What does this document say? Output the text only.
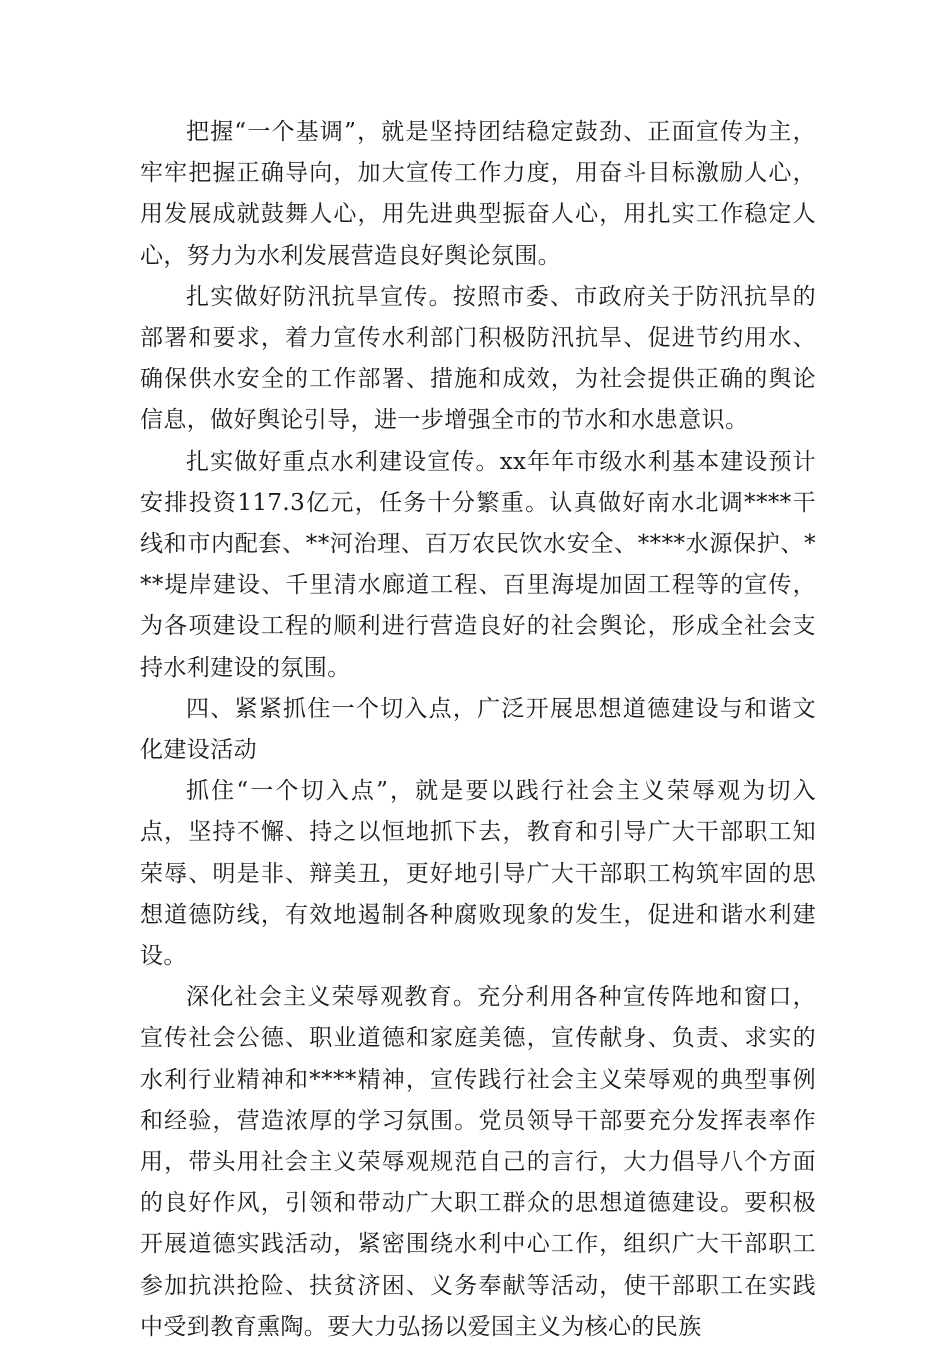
把握“一个基调”，就是坚持团结稳定鼓劲、正面宣传为主，牢牢把握正确导向，加大宣传工作力度，用奋斗目标激励人心，用发展成就鼓舞人心，用先进典型振奋人心，用扎实工作稳定人心，努力为水利发展营造良好舆论氛围。

扎实做好防汛抗旱宣传。按照市委、市政府关于防汛抗旱的部署和要求，着力宣传水利部门积极防汛抗旱、促进节约用水、确保供水安全的工作部署、措施和成效，为社会提供正确的舆论信息，做好舆论引导，进一步增强全市的节水和水患意识。

扎实做好重点水利建设宣传。xx年年市级水利基本建设预计安排投资117.3亿元，任务十分繁重。认真做好南水北调****干线和市内配套、**河治理、百万农民饮水安全、****水源保护、***堤岸建设、千里清水廊道工程、百里海堤加固工程等的宣传，为各项建设工程的顺利进行营造良好的社会舆论，形成全社会支持水利建设的氛围。

四、紧紧抓住一个切入点，广泛开展思想道德建设与和谐文化建设活动

抓住“一个切入点”，就是要以践行社会主义荣辱观为切入点，坚持不懈、持之以恒地抓下去，教育和引导广大干部职工知荣辱、明是非、辩美丑，更好地引导广大干部职工构筑牢固的思想道德防线，有效地遏制各种腐败现象的发生，促进和谐水利建设。

深化社会主义荣辱观教育。充分利用各种宣传阵地和窗口，宣传社会公德、职业道德和家庭美德，宣传献身、负责、求实的水利行业精神和****精神，宣传践行社会主义荣辱观的典型事例和经验，营造浓厚的学习氛围。党员领导干部要充分发挥表率作用，带头用社会主义荣辱观规范自己的言行，大力倡导八个方面的良好作风，引领和带动广大职工群众的思想道德建设。要积极开展道德实践活动，紧密围绕水利中心工作，组织广大干部职工参加抗洪抢险、扶贫济困、义务奉献等活动，使干部职工在实践中受到教育熏陶。要大力弘扬以爱国主义为核心的民族
